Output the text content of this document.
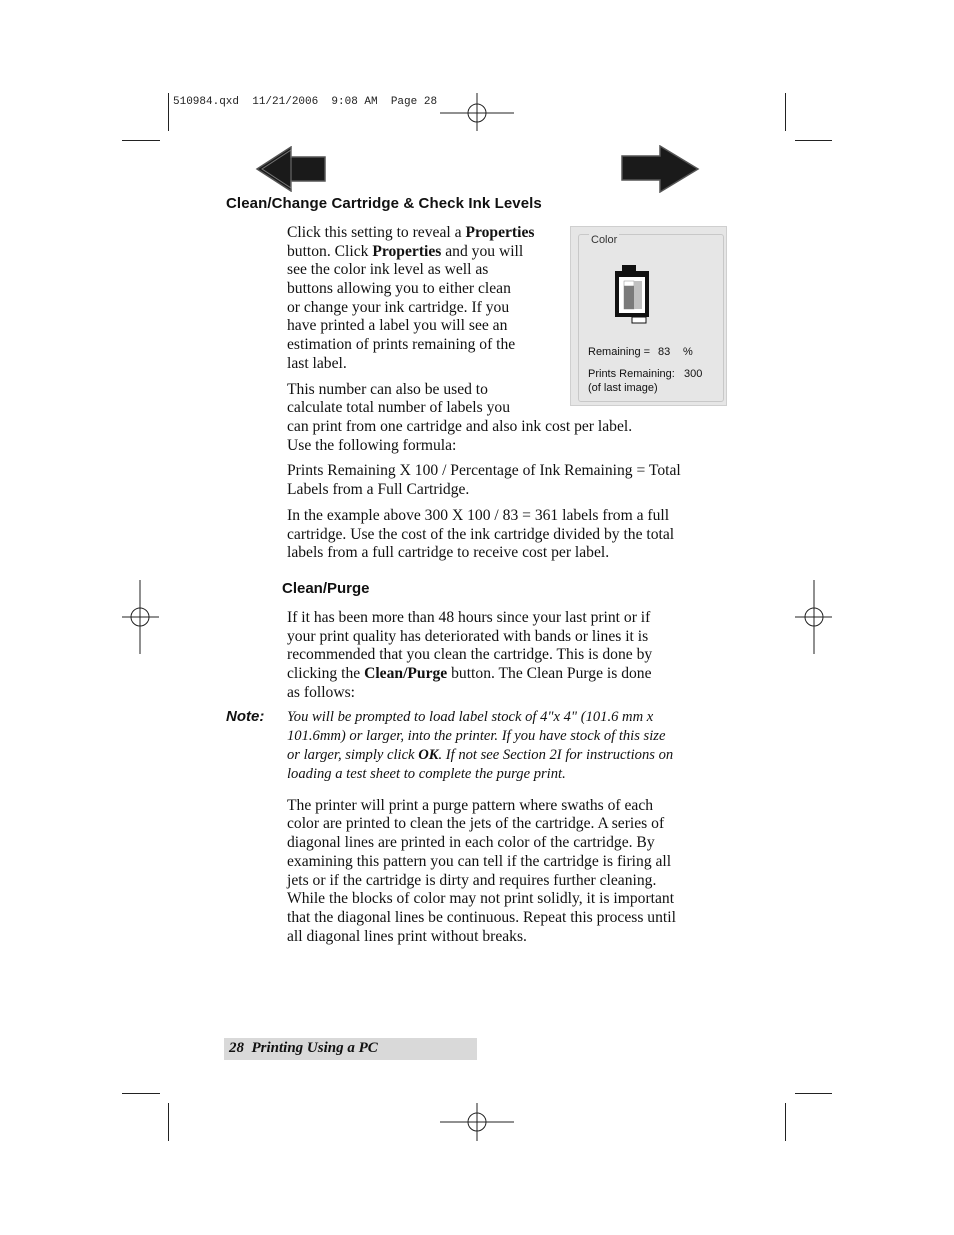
510984.qxd  11/21/2006  9:08 AM  Page 28
Clean/Change Cartridge & Check Ink Levels
Click this setting to reveal a Properties
button. Click Properties and you will
see the color ink level as well as
buttons allowing you to either clean
or change your ink cartridge. If you
have printed a label you will see an
estimation of prints remaining of the
last label.
This number can also be used to
calculate total number of labels you
can print from one cartridge and also ink cost per label.
Use the following formula:
Prints Remaining X 100 / Percentage of Ink Remaining = Total
Labels from a Full Cartridge.
In the example above 300 X 100 / 83 = 361 labels from a full
cartridge. Use the cost of the ink cartridge divided by the total
labels from a full cartridge to receive cost per label.
Color
Remaining = 83 %
Prints Remaining: 300
(of last image)
Clean/Purge
If it has been more than 48 hours since your last print or if
your print quality has deteriorated with bands or lines it is
recommended that you clean the cartridge. This is done by
clicking the Clean/Purge button. The Clean Purge is done
as follows:
Note: You will be prompted to load label stock of 4"x 4" (101.6 mm x
101.6mm) or larger, into the printer. If you have stock of this size
or larger, simply click OK. If not see Section 2I for instructions on
loading a test sheet to complete the purge print.
The printer will print a purge pattern where swaths of each
color are printed to clean the jets of the cartridge. A series of
diagonal lines are printed in each color of the cartridge. By
examining this pattern you can tell if the cartridge is firing all
jets or if the cartridge is dirty and requires further cleaning.
While the blocks of color may not print solidly, it is important
that the diagonal lines be continuous. Repeat this process until
all diagonal lines print without breaks.
28 Printing Using a PC
